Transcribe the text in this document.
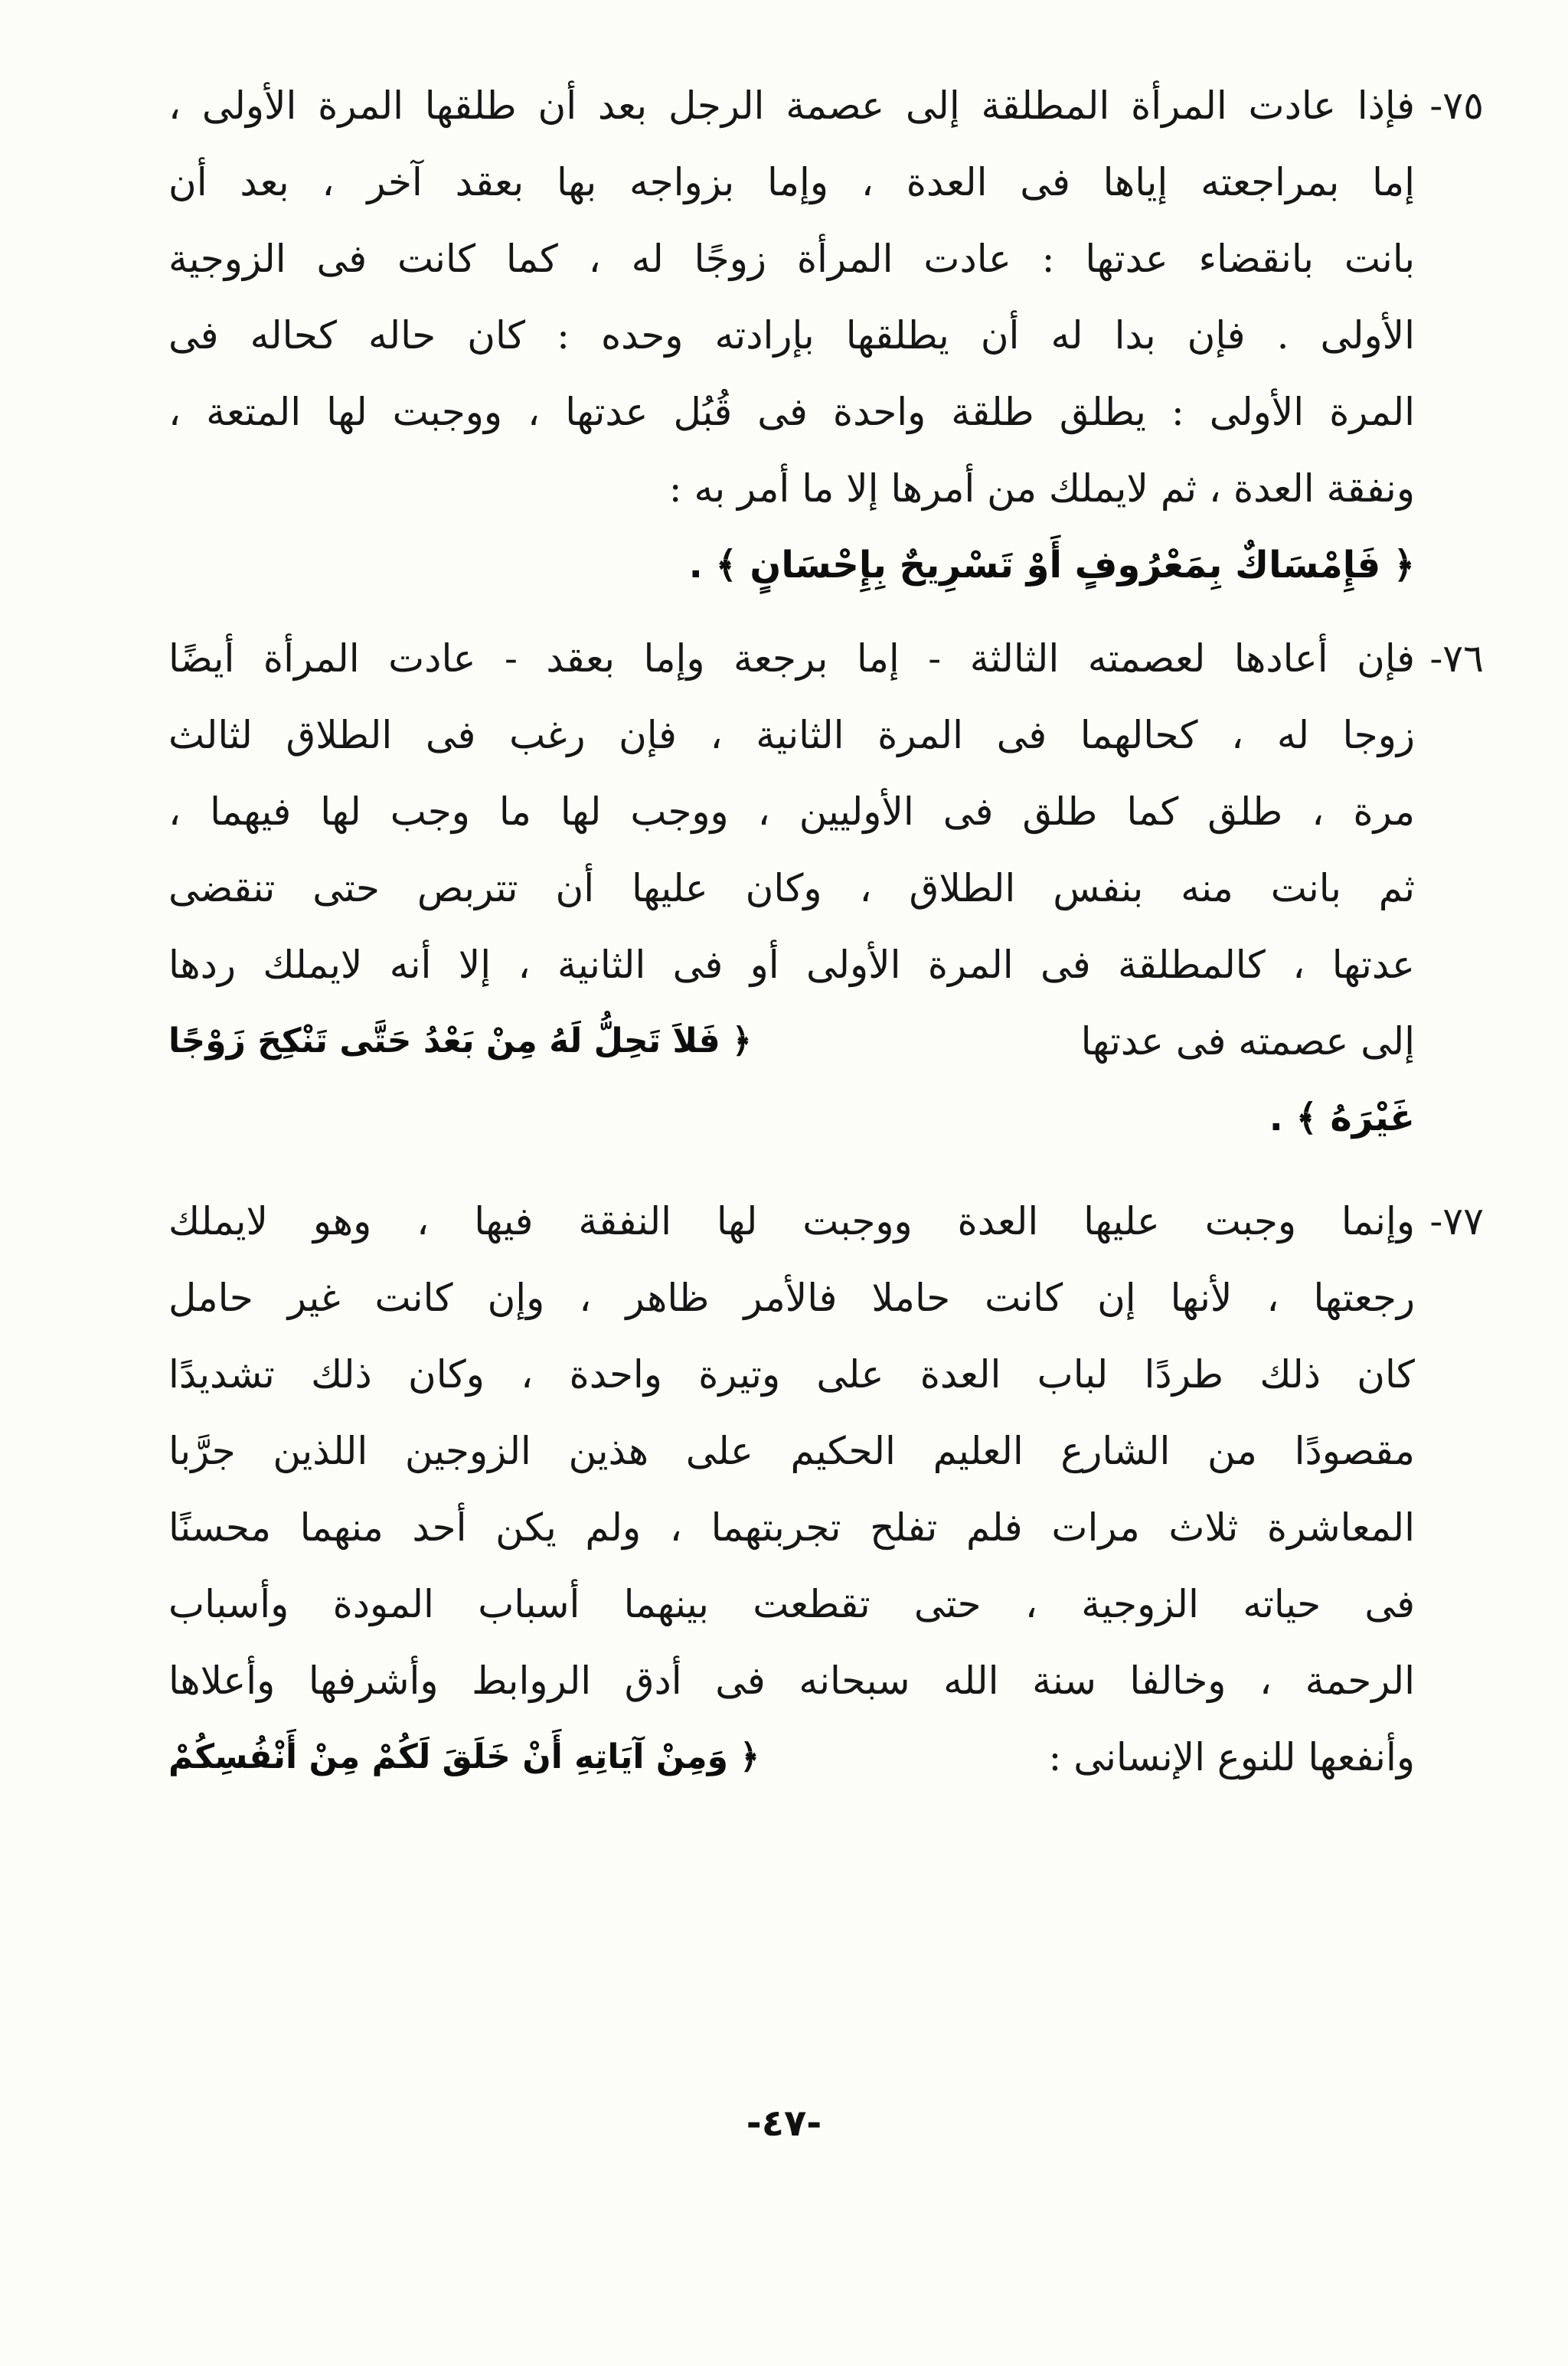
٧٥-
فإذا عادت المرأة المطلقة إلى عصمة الرجل بعد أن طلقها المرة الأولى ،
إما بمراجعته إياها فى العدة ، وإما بزواجه بها بعقد آخر ، بعد أن
بانت بانقضاء عدتها : عادت المرأة زوجًا له ، كما كانت فى الزوجية
الأولى . فإن بدا له أن يطلقها بإرادته وحده : كان حاله كحاله فى
المرة الأولى : يطلق طلقة واحدة فى قُبُل عدتها ، ووجبت لها المتعة ،
ونفقة العدة ، ثم لايملك من أمرها إلا ما أمر به :
﴿ فَإِمْسَاكٌ بِمَعْرُوفٍ أَوْ تَسْرِيحٌ بِإِحْسَانٍ ﴾ .
٧٦-
فإن أعادها لعصمته الثالثة - إما برجعة وإما بعقد - عادت المرأة أيضًا
زوجا له ، كحالهما فى المرة الثانية ، فإن رغب فى الطلاق لثالث
مرة ، طلق كما طلق فى الأوليين ، ووجب لها ما وجب لها فيهما ،
ثم بانت منه بنفس الطلاق ، وكان عليها أن تتربص حتى تنقضى
عدتها ، كالمطلقة فى المرة الأولى أو فى الثانية ، إلا أنه لايملك ردها
إلى عصمته فى عدتها
﴿ فَلاَ تَحِلُّ لَهُ مِنْ بَعْدُ حَتَّى تَنْكِحَ زَوْجًا
غَيْرَهُ ﴾ .
٧٧-
وإنما وجبت عليها العدة ووجبت لها النفقة فيها ، وهو لايملك
رجعتها ، لأنها إن كانت حاملا فالأمر ظاهر ، وإن كانت غير حامل
كان ذلك طردًا لباب العدة على وتيرة واحدة ، وكان ذلك تشديدًا
مقصودًا من الشارع العليم الحكيم على هذين الزوجين اللذين جرَّبا
المعاشرة ثلاث مرات فلم تفلح تجربتهما ، ولم يكن أحد منهما محسنًا
فى حياته الزوجية ، حتى تقطعت بينهما أسباب المودة وأسباب
الرحمة ، وخالفا سنة الله سبحانه فى أدق الروابط وأشرفها وأعلاها
وأنفعها للنوع الإنسانى :
﴿ وَمِنْ آيَاتِهِ أَنْ خَلَقَ لَكُمْ مِنْ أَنْفُسِكُمْ
-٤٧-
